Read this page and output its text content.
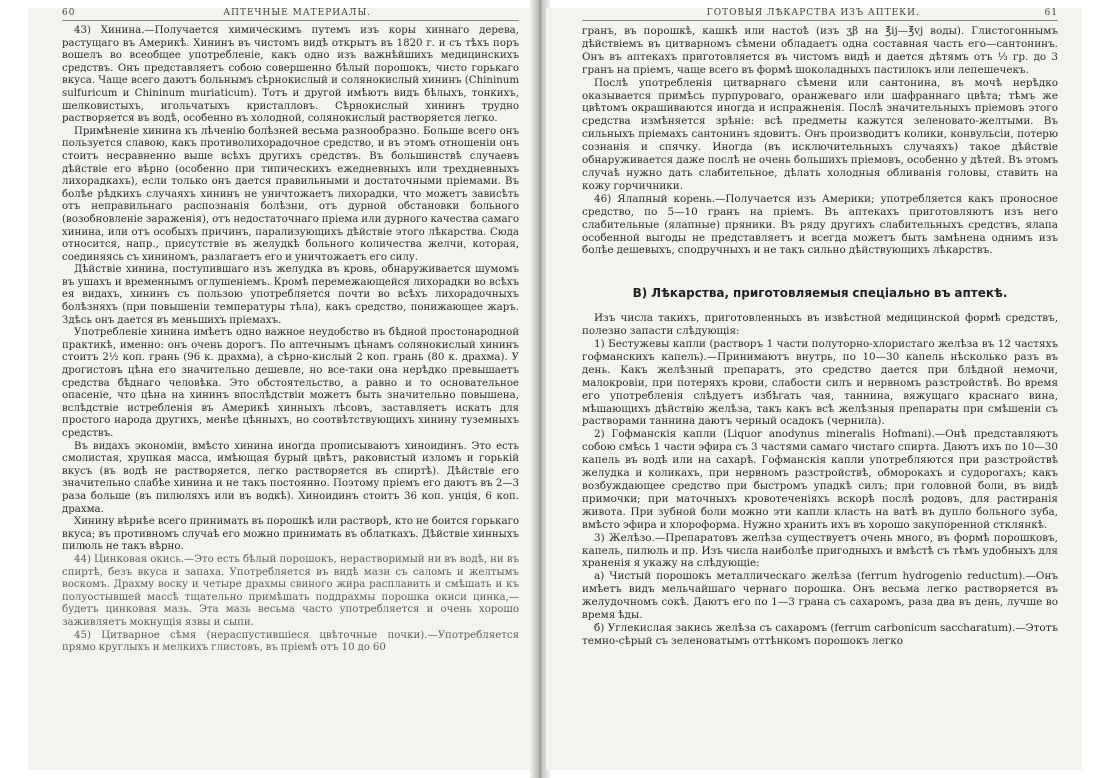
60	АПТЕЧНЫЕ МАТЕРИАЛЫ.

43) Хинина.—Получается химическимъ путемъ изъ коры хиннаго дерева, растущаго въ Америкѣ. Хининъ въ чистомъ видѣ открытъ въ 1820 г. и съ тѣхъ поръ вошелъ во всеобщее употребленіе, какъ одно изъ важнѣйшихъ медицинскихъ средствъ. Онъ представляетъ собою совершенно бѣлый порошокъ, чисто горькаго вкуса. Чаще всего даютъ больнымъ сѣрнокислый и солянокислый хининъ (Chininum sulfuricum и Chininum muriaticum). Тотъ и другой имѣютъ видъ бѣлыхъ, тонкихъ, шелковистыхъ, игольчатыхъ кристалловъ. Сѣрнокислый хининъ трудно растворяется въ водѣ, особенно въ холодной, солянокислый растворяется легко.

Примѣненіе хинина къ лѣченію болѣзней весьма разнообразно. Больше всего онъ пользуется славою, какъ противолихорадочное средство, и въ этомъ отношеніи онъ стоитъ несравненно выше всѣхъ другихъ средствъ. Въ большинствѣ случаевъ дѣйствіе его вѣрно (особенно при типическихъ ежедневныхъ или трехдневныхъ лихорадкахъ), если только онъ дается правильными и достаточными пріемами. Въ болѣе рѣдкихъ случаяхъ хининъ не уничтожаетъ лихорадки, что можетъ зависѣть отъ неправильнаго распознанія болѣзни, отъ дурной обстановки больного (возобновленіе зараженія), отъ недостаточнаго пріема или дурного качества самаго хинина, или отъ особыхъ причинъ, парализующихъ дѣйствіе этого лѣкарства. Сюда относится, напр., присутствіе въ желудкѣ больного количества желчи, которая, соединяясь съ хининомъ, разлагаетъ его и уничтожаетъ его силу.

Дѣйствіе хинина, поступившаго изъ желудка въ кровь, обнаруживается шумомъ въ ушахъ и временнымъ оглушеніемъ. Кромѣ перемежающейся лихорадки во всѣхъ ея видахъ, хининъ съ пользою употребляется почти во всѣхъ лихорадочныхъ болѣзняхъ (при повышеніи температуры тѣла), какъ средство, понижающее жаръ. Здѣсь онъ дается въ меньшихъ пріемахъ.

Употребленіе хинина имѣетъ одно важное неудобство въ бѣдной простонародной практикѣ, именно: онъ очень дорогъ. По аптечнымъ цѣнамъ солянокислый хининъ стоитъ 2½ коп. грань (96 к. драхма), а сѣрно-кислый 2 коп. грань (80 к. драхма). У дрогистовъ цѣна его значительно дешевле, но все-таки она нерѣдко превышаетъ средства бѣднаго человѣка. Это обстоятельство, а равно и то основательное опасеніе, что цѣна на хининъ впослѣдствіи можетъ быть значительно повышена, вслѣдствіе истребленія въ Америкѣ хинныхъ лѣсовъ, заставляетъ искать для простого народа другихъ, менѣе цѣнныхъ, но соотвѣтствующихъ хинину туземныхъ средствъ.

Въ видахъ экономіи, вмѣсто хинина иногда прописываютъ хиноидинъ. Это есть смолистая, хрупкая масса, имѣющая бурый цвѣтъ, раковистый изломъ и горькій вкусъ (въ водѣ не растворяется, легко растворяется въ спиртѣ). Дѣйствіе его значительно слабѣе хинина и не такъ постоянно. Поэтому пріемъ его даютъ въ 2—3 раза больше (въ пилюляхъ или въ водкѣ). Хиноидинъ стоитъ 36 коп. унція, 6 коп. драхма.

Хинину вѣрнѣе всего принимать въ порошкѣ или растворѣ, кто не боится горькаго вкуса; въ противномъ случаѣ его можно принимать въ облаткахъ. Дѣйствіе хинныхъ пилюль не такъ вѣрно.

44) Цинковая окись.—Это есть бѣлый порошокъ, нерастворимый ни въ водѣ, ни въ спиртѣ, безъ вкуса и запаха. Употребляется въ видѣ мази съ саломъ и желтымъ воскомъ. Драхму воску и четыре драхмы свиного жира расплавить и смѣшать и къ полуостывшей массѣ тщательно примѣшать поддрахмы порошка окиси цинка,—будетъ цинковая мазь. Эта мазь весьма часто употребляется и очень хорошо заживляетъ мокнущія язвы и сыпи.

45) Цитварное сѣмя (нераспустившіеся цвѣточные почки).—Употребляется прямо круглыхъ и мелкихъ глистовъ, въ пріемѣ отъ 10 до 60

ГОТОВЫЯ ЛѢКАРСТВА ИЗЪ АПТЕКИ.	61

гранъ, въ порошкѣ, кашкѣ или настоѣ (изъ ʒβ на ℥ij—℥vj воды). Глистогоннымъ дѣйствіемъ въ цитварномъ сѣмени обладаетъ одна составная часть его—сантонинъ. Онъ въ аптекахъ приготовляется въ чистомъ видѣ и дается дѣтямъ отъ ⅓ гр. до 3 гранъ на пріемъ, чаще всего въ формѣ шоколадныхъ пастилокъ или лепешечекъ.

Послѣ употребленія цитварнаго сѣмени или сантонина, въ мочѣ нерѣдко оказывается примѣсь пурпуроваго, оранжеваго или шафраннаго цвѣта; тѣмъ же цвѣтомъ окрашиваются иногда и испражненія. Послѣ значительныхъ пріемовъ этого средства измѣняется зрѣніе: всѣ предметы кажутся зеленовато-желтыми. Въ сильныхъ пріемахъ сантонинъ ядовитъ. Онъ производитъ колики, конвульсіи, потерю сознанія и спячку. Иногда (въ исключительныхъ случаяхъ) такое дѣйствіе обнаруживается даже послѣ не очень большихъ пріемовъ, особенно у дѣтей. Въ этомъ случаѣ нужно дать слабительное, дѣлать холодныя обливанія головы, ставить на кожу горчичники.

46) Ялапный корень.—Получается изъ Америки; употребляется какъ проносное средство, по 5—10 гранъ на пріемъ. Въ аптекахъ приготовляютъ изъ него слабительные (ялапные) пряники. Въ ряду другихъ слабительныхъ средствъ, ялапа особенной выгоды не представляетъ и всегда можетъ быть замѣнена однимъ изъ болѣе дешевыхъ, сподручныхъ и не такъ сильно дѣйствующихъ лѣкарствъ.

В) Лѣкарства, приготовляемыя спеціально въ аптекѣ.

Изъ числа такихъ, приготовленныхъ въ извѣстной медицинской формѣ средствъ, полезно запасти слѣдующія:

1) Бестужевы капли (растворъ 1 части полуторно-хлористаго желѣза въ 12 частяхъ гофманскихъ капель).—Принимаютъ внутрь, по 10—30 капель нѣсколько разъ въ день. Какъ желѣзный препаратъ, это средство дается при блѣдной немочи, малокровіи, при потеряхъ крови, слабости силъ и нервномъ разстройствѣ. Во время его употребленія слѣдуетъ избѣгать чая, таннина, вяжущаго краснаго вина, мѣшающихъ дѣйствію желѣза, такъ какъ всѣ желѣзныя препараты при смѣшеніи съ растворами таннина даютъ черный осадокъ (чернила).

2) Гофманскія капли (Liquor anodynus mineralis Hofmani).—Онѣ представляютъ собою смѣсь 1 части эфира съ 3 частями самаго чистаго спирта. Даютъ ихъ по 10—30 капель въ водѣ или на сахарѣ. Гофманскія капли употребляются при разстройствѣ желудка и коликахъ, при нервномъ разстройствѣ, обморокахъ и судорогахъ; какъ возбуждающее средство при быстромъ упадкѣ силъ; при головной боли, въ видѣ примочки; при маточныхъ кровотеченіяхъ вскорѣ послѣ родовъ, для растиранія живота. При зубной боли можно эти капли класть на ватѣ въ дупло больного зуба, вмѣсто эфира и хлороформа. Нужно хранить ихъ въ хорошо закупоренной стклянкѣ.

3) Желѣзо.—Препаратовъ желѣза существуетъ очень много, въ формѣ порошковъ, капель, пилюль и пр. Изъ числа наиболѣе пригодныхъ и вмѣстѣ съ тѣмъ удобныхъ для храненія я укажу на слѣдующіе:

а) Чистый порошокъ металлическаго желѣза (ferrum hydrogenio reductum).—Онъ имѣетъ видъ мельчайшаго чернаго порошка. Онъ весьма легко растворяется въ желудочномъ сокѣ. Даютъ его по 1—3 грана съ сахаромъ, раза два въ день, лучше во время ѣды.

б) Углекислая закись желѣза съ сахаромъ (ferrum carbonicum saccharatum).—Этотъ темно-сѣрый съ зеленоватымъ оттѣнкомъ порошокъ легко
